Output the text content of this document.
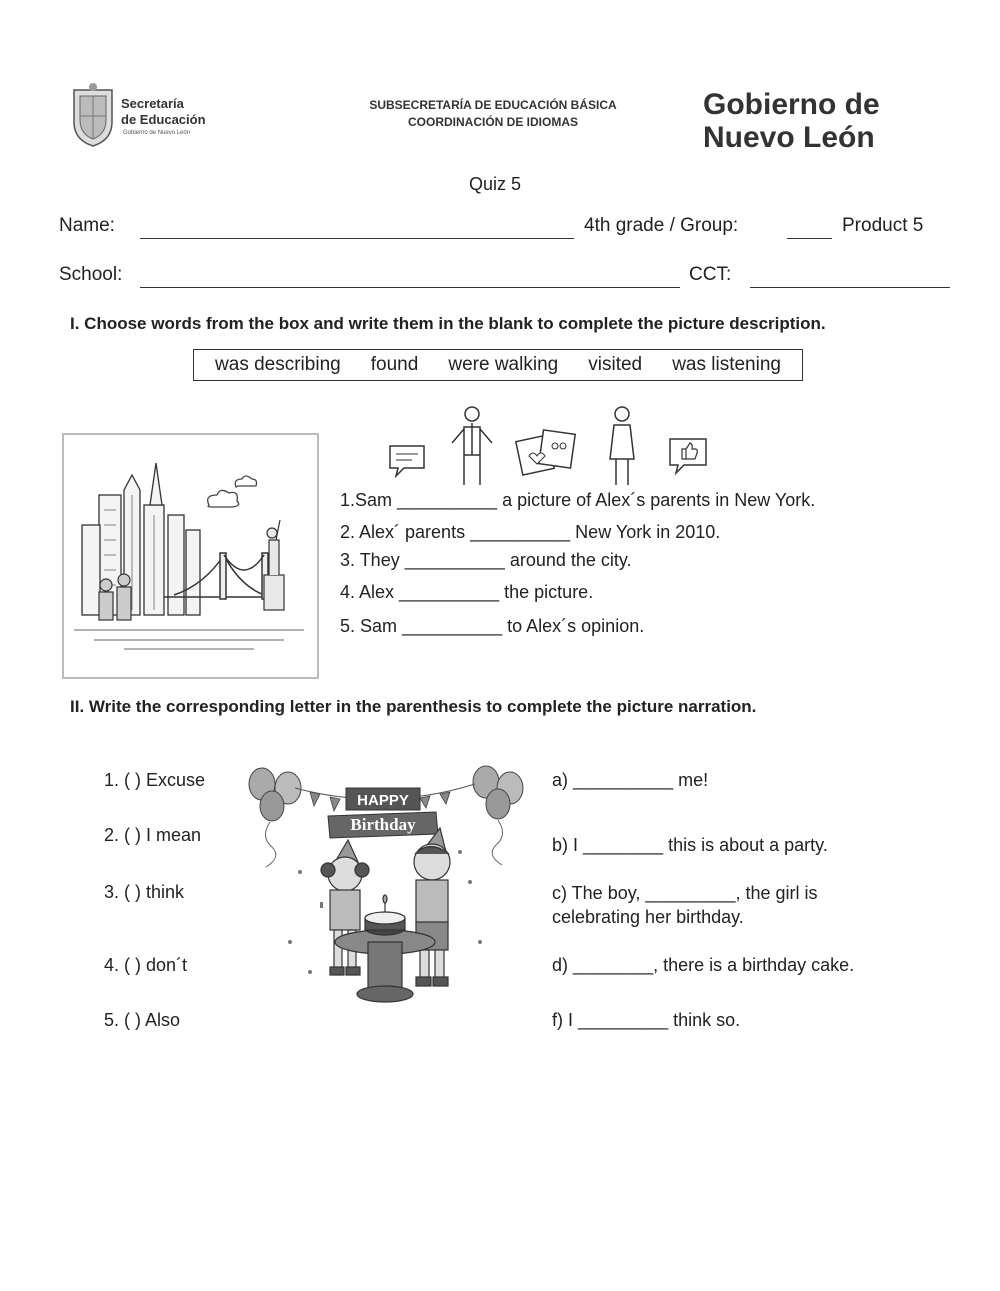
Secretaría
de Educación
Gobierno de Nuevo León
SUBSECRETARÍA DE EDUCACIÓN BÁSICA
COORDINACIÓN DE IDIOMAS
Gobierno de
Nuevo León
Quiz 5
Name:	4th grade / Group:	Product 5
School:	CCT:
I. Choose words from the box and write them in the blank to complete the picture description.
was describing found were walking visited was listening
1.Sam __________ a picture of Alex´s parents in New York.
2. Alex´ parents __________ New York in 2010.
3. They __________ around the city.
4. Alex __________ the picture.
5. Sam __________ to Alex´s opinion.
II. Write the corresponding letter in the parenthesis to complete the picture narration.
1. ( ) Excuse
2. ( ) I mean
3. ( ) think
4. ( ) don´t
5. ( ) Also
a) __________ me!
b) I ________ this is about a party.
c) The boy, _________, the girl is
celebrating her birthday.
d) ________, there is a birthday cake.
f) I _________ think so.
HAPPY
Birthday
